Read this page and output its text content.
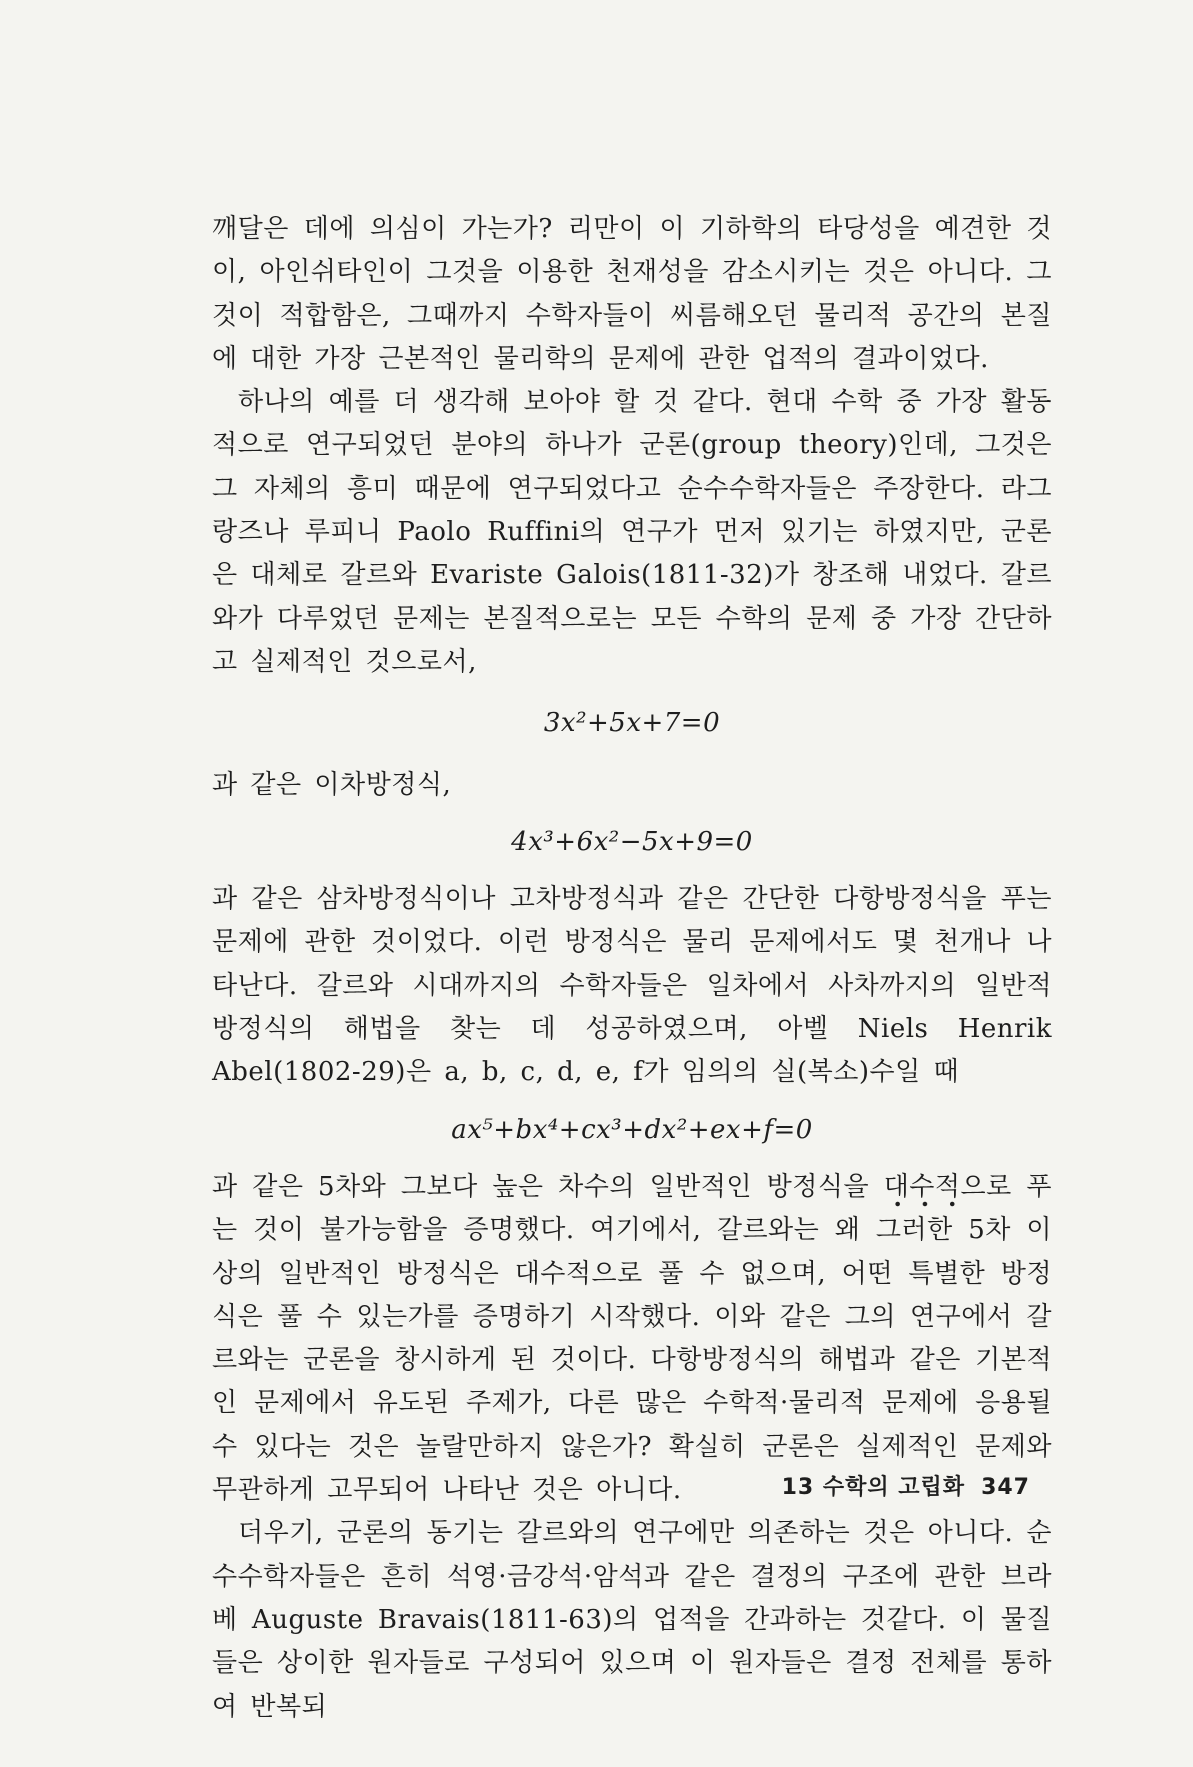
깨달은 데에 의심이 가는가? 리만이 이 기하학의 타당성을 예견한 것이, 아인쉬타인이 그것을 이용한 천재성을 감소시키는 것은 아니다. 그것이 적합함은, 그때까지 수학자들이 씨름해오던 물리적 공간의 본질에 대한 가장 근본적인 물리학의 문제에 관한 업적의 결과이었다.

하나의 예를 더 생각해 보아야 할 것 같다. 현대 수학 중 가장 활동적으로 연구되었던 분야의 하나가 군론(group theory)인데, 그것은 그 자체의 흥미 때문에 연구되었다고 순수수학자들은 주장한다. 라그랑즈나 루피니 Paolo Ruffini의 연구가 먼저 있기는 하였지만, 군론은 대체로 갈르와 Evariste Galois(1811-32)가 창조해 내었다. 갈르와가 다루었던 문제는 본질적으로는 모든 수학의 문제 중 가장 간단하고 실제적인 것으로서,

3x²+5x+7=0

과 같은 이차방정식,

4x³+6x²−5x+9=0

과 같은 삼차방정식이나 고차방정식과 같은 간단한 다항방정식을 푸는 문제에 관한 것이었다. 이런 방정식은 물리 문제에서도 몇 천개나 나타난다. 갈르와 시대까지의 수학자들은 일차에서 사차까지의 일반적 방정식의 해법을 찾는 데 성공하였으며, 아벨 Niels Henrik Abel(1802-29)은 a, b, c, d, e, f가 임의의 실(복소)수일 때

ax⁵+bx⁴+cx³+dx²+ex+f=0

과 같은 5차와 그보다 높은 차수의 일반적인 방정식을 대수적으로 푸는 것이 불가능함을 증명했다. 여기에서, 갈르와는 왜 그러한 5차 이상의 일반적인 방정식은 대수적으로 풀 수 없으며, 어떤 특별한 방정식은 풀 수 있는가를 증명하기 시작했다. 이와 같은 그의 연구에서 갈르와는 군론을 창시하게 된 것이다. 다항방정식의 해법과 같은 기본적인 문제에서 유도된 주제가, 다른 많은 수학적·물리적 문제에 응용될 수 있다는 것은 놀랄만하지 않은가? 확실히 군론은 실제적인 문제와 무관하게 고무되어 나타난 것은 아니다.

더우기, 군론의 동기는 갈르와의 연구에만 의존하는 것은 아니다. 순수수학자들은 흔히 석영·금강석·암석과 같은 결정의 구조에 관한 브라베 Auguste Bravais(1811-63)의 업적을 간과하는 것같다. 이 물질들은 상이한 원자들로 구성되어 있으며 이 원자들은 결정 전체를 통하여 반복되

13 수학의 고립화 347
